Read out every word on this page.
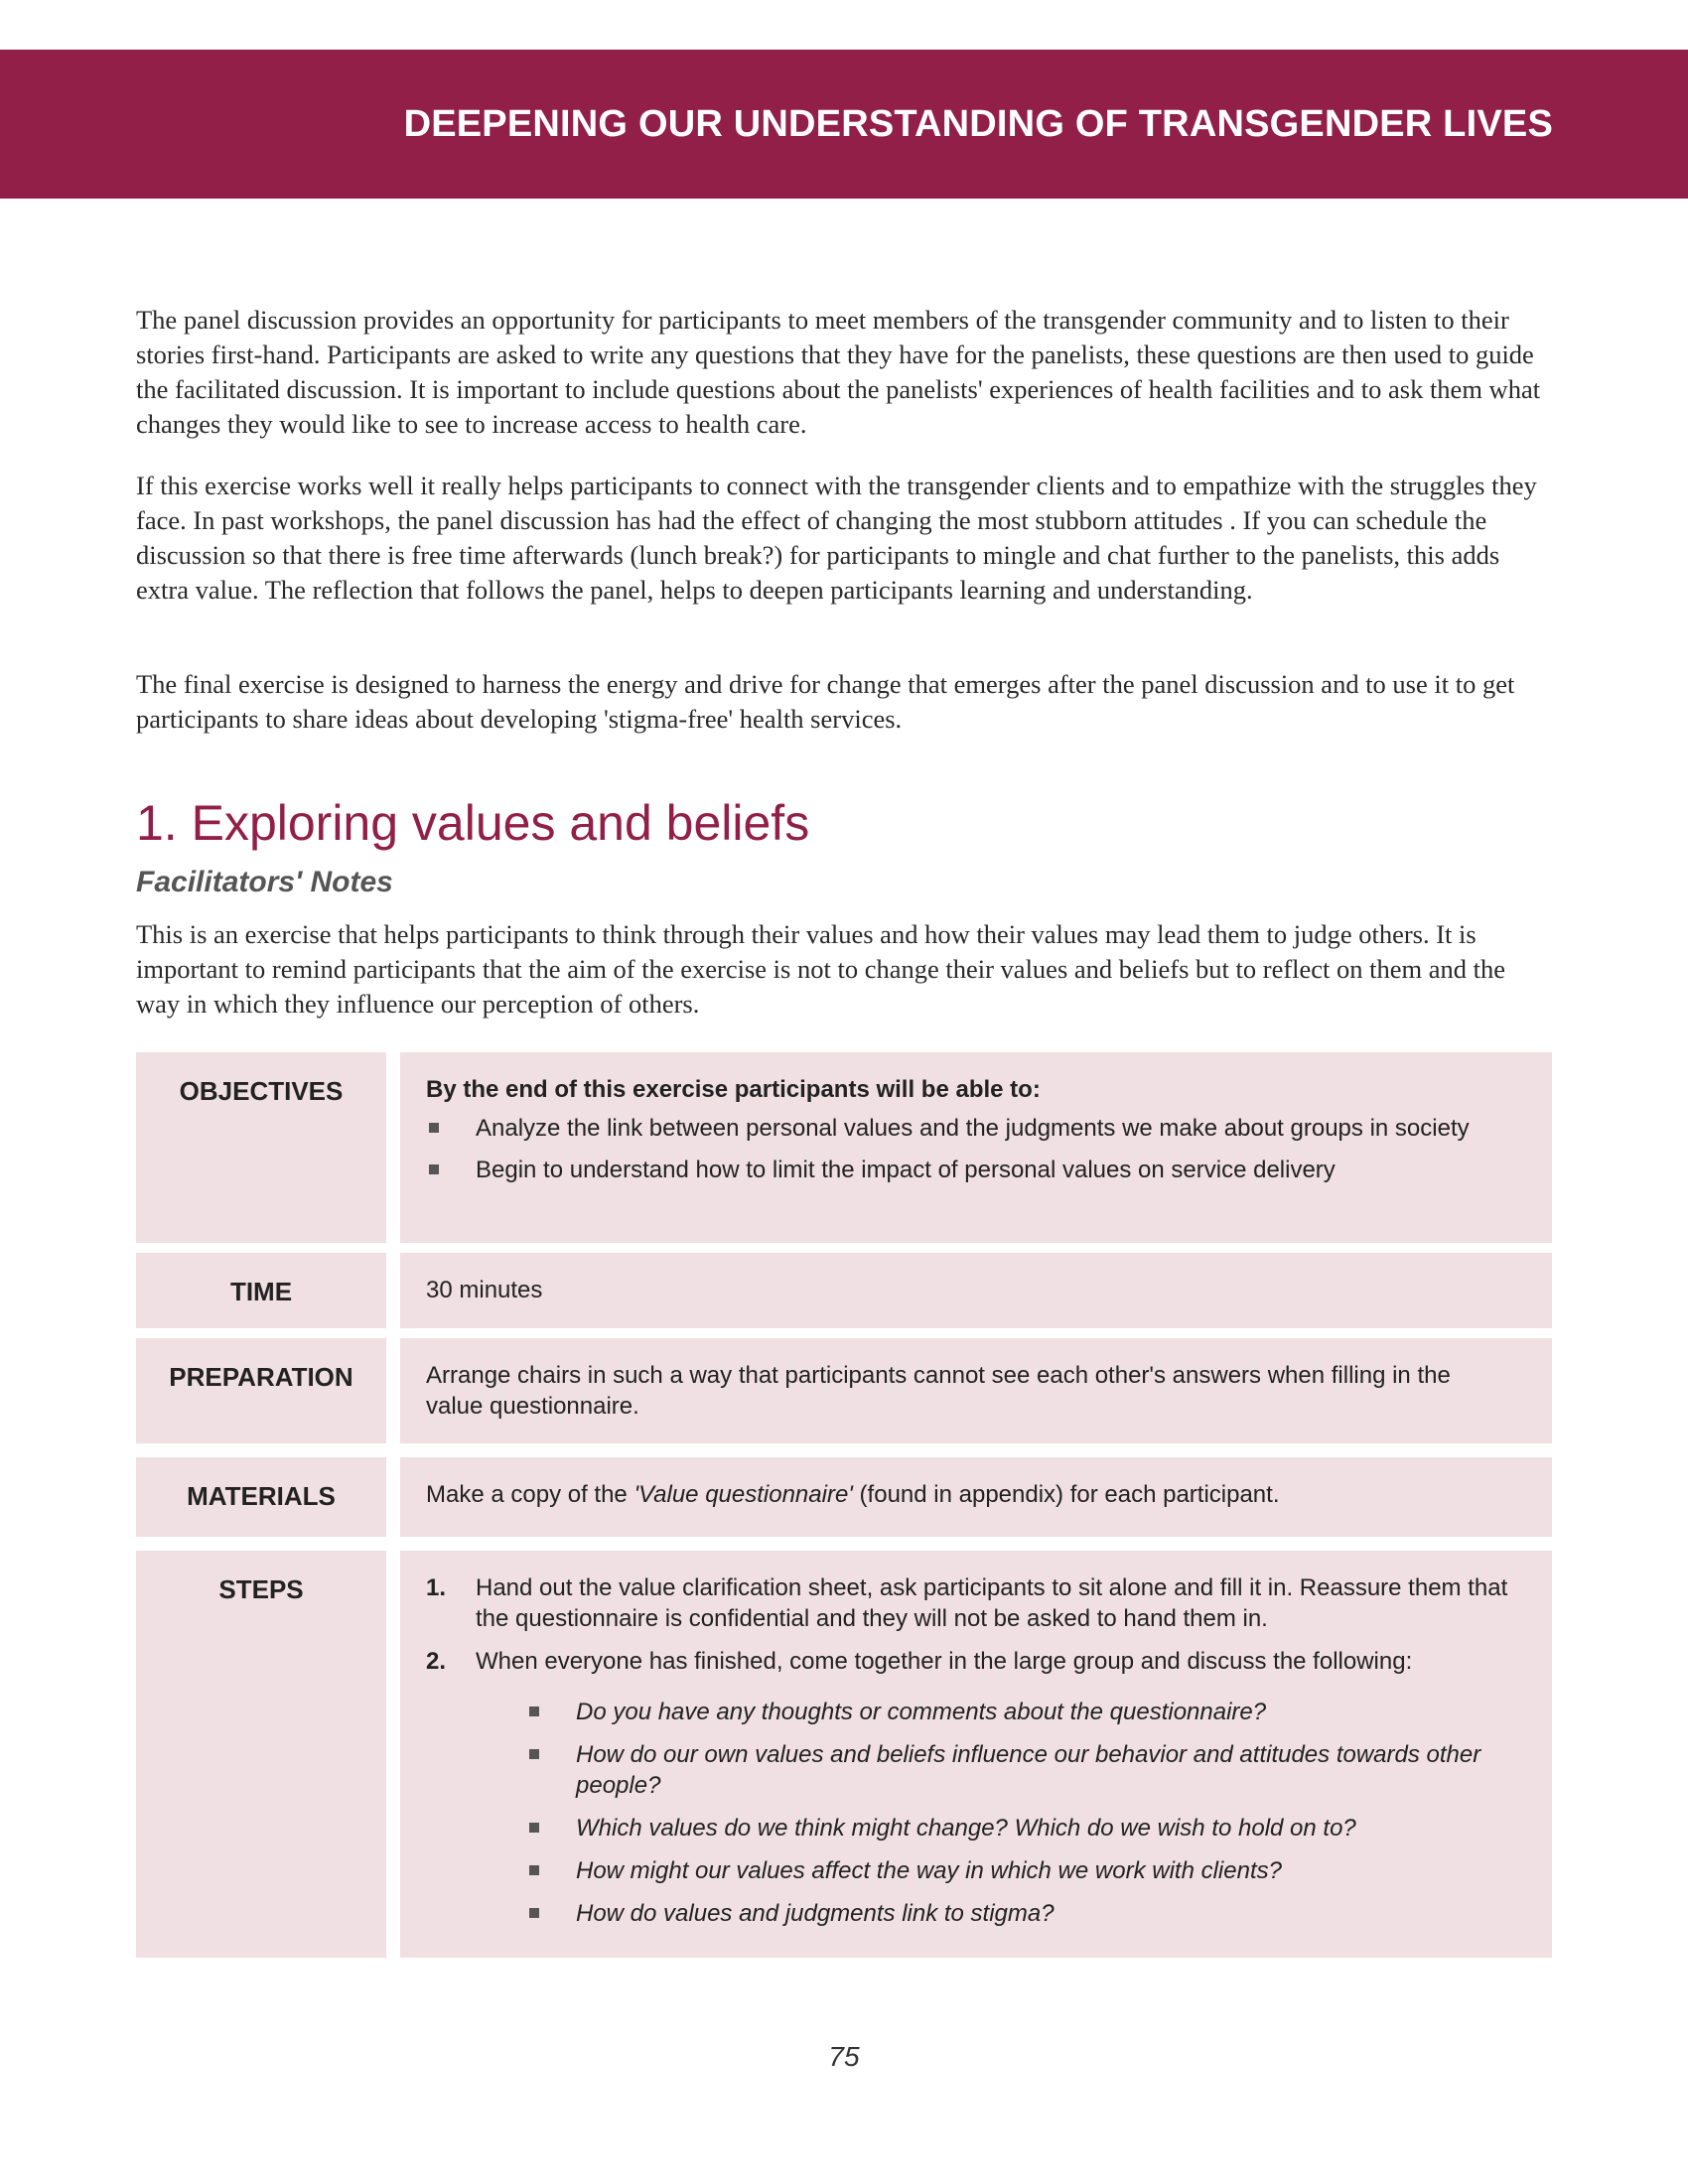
DEEPENING OUR UNDERSTANDING OF TRANSGENDER LIVES

The panel discussion provides an opportunity for participants to meet members of the transgender community and to listen to their stories first-hand. Participants are asked to write any questions that they have for the panelists, these questions are then used to guide the facilitated discussion. It is important to include questions about the panelists' experiences of health facilities and to ask them what changes they would like to see to increase access to health care.

If this exercise works well it really helps participants to connect with the transgender clients and to empathize with the struggles they face. In past workshops, the panel discussion has had the effect of changing the most stubborn attitudes . If you can schedule the discussion so that there is free time afterwards (lunch break?) for participants to mingle and chat further to the panelists, this adds extra value. The reflection that follows the panel, helps to deepen participants learning and understanding.

The final exercise is designed to harness the energy and drive for change that emerges after the panel discussion and to use it to get participants to share ideas about developing 'stigma-free' health services.

1. Exploring values and beliefs
Facilitators' Notes

This is an exercise that helps participants to think through their values and how their values may lead them to judge others. It is important to remind participants that the aim of the exercise is not to change their values and beliefs but to reflect on them and the way in which they influence our perception of others.

OBJECTIVES	By the end of this exercise participants will be able to:

Analyze the link between personal values and the judgments we make about groups in society
Begin to understand how to limit the impact of personal values on service delivery
TIME	30 minutes

PREPARATION	Arrange chairs in such a way that participants cannot see each other's answers when filling in the value questionnaire.

MATERIALS	Make a copy of the 'Value questionnaire' (found in appendix) for each participant.

STEPS	1. Hand out the value clarification sheet, ask participants to sit alone and fill it in. Reassure them that the questionnaire is confidential and they will not be asked to hand them in.
2. When everyone has finished, come together in the large group and discuss the following:
Do you have any thoughts or comments about the questionnaire?
How do our own values and beliefs influence our behavior and attitudes towards other people?
Which values do we think might change? Which do we wish to hold on to?
How might our values affect the way in which we work with clients?
How do values and judgments link to stigma?

75
